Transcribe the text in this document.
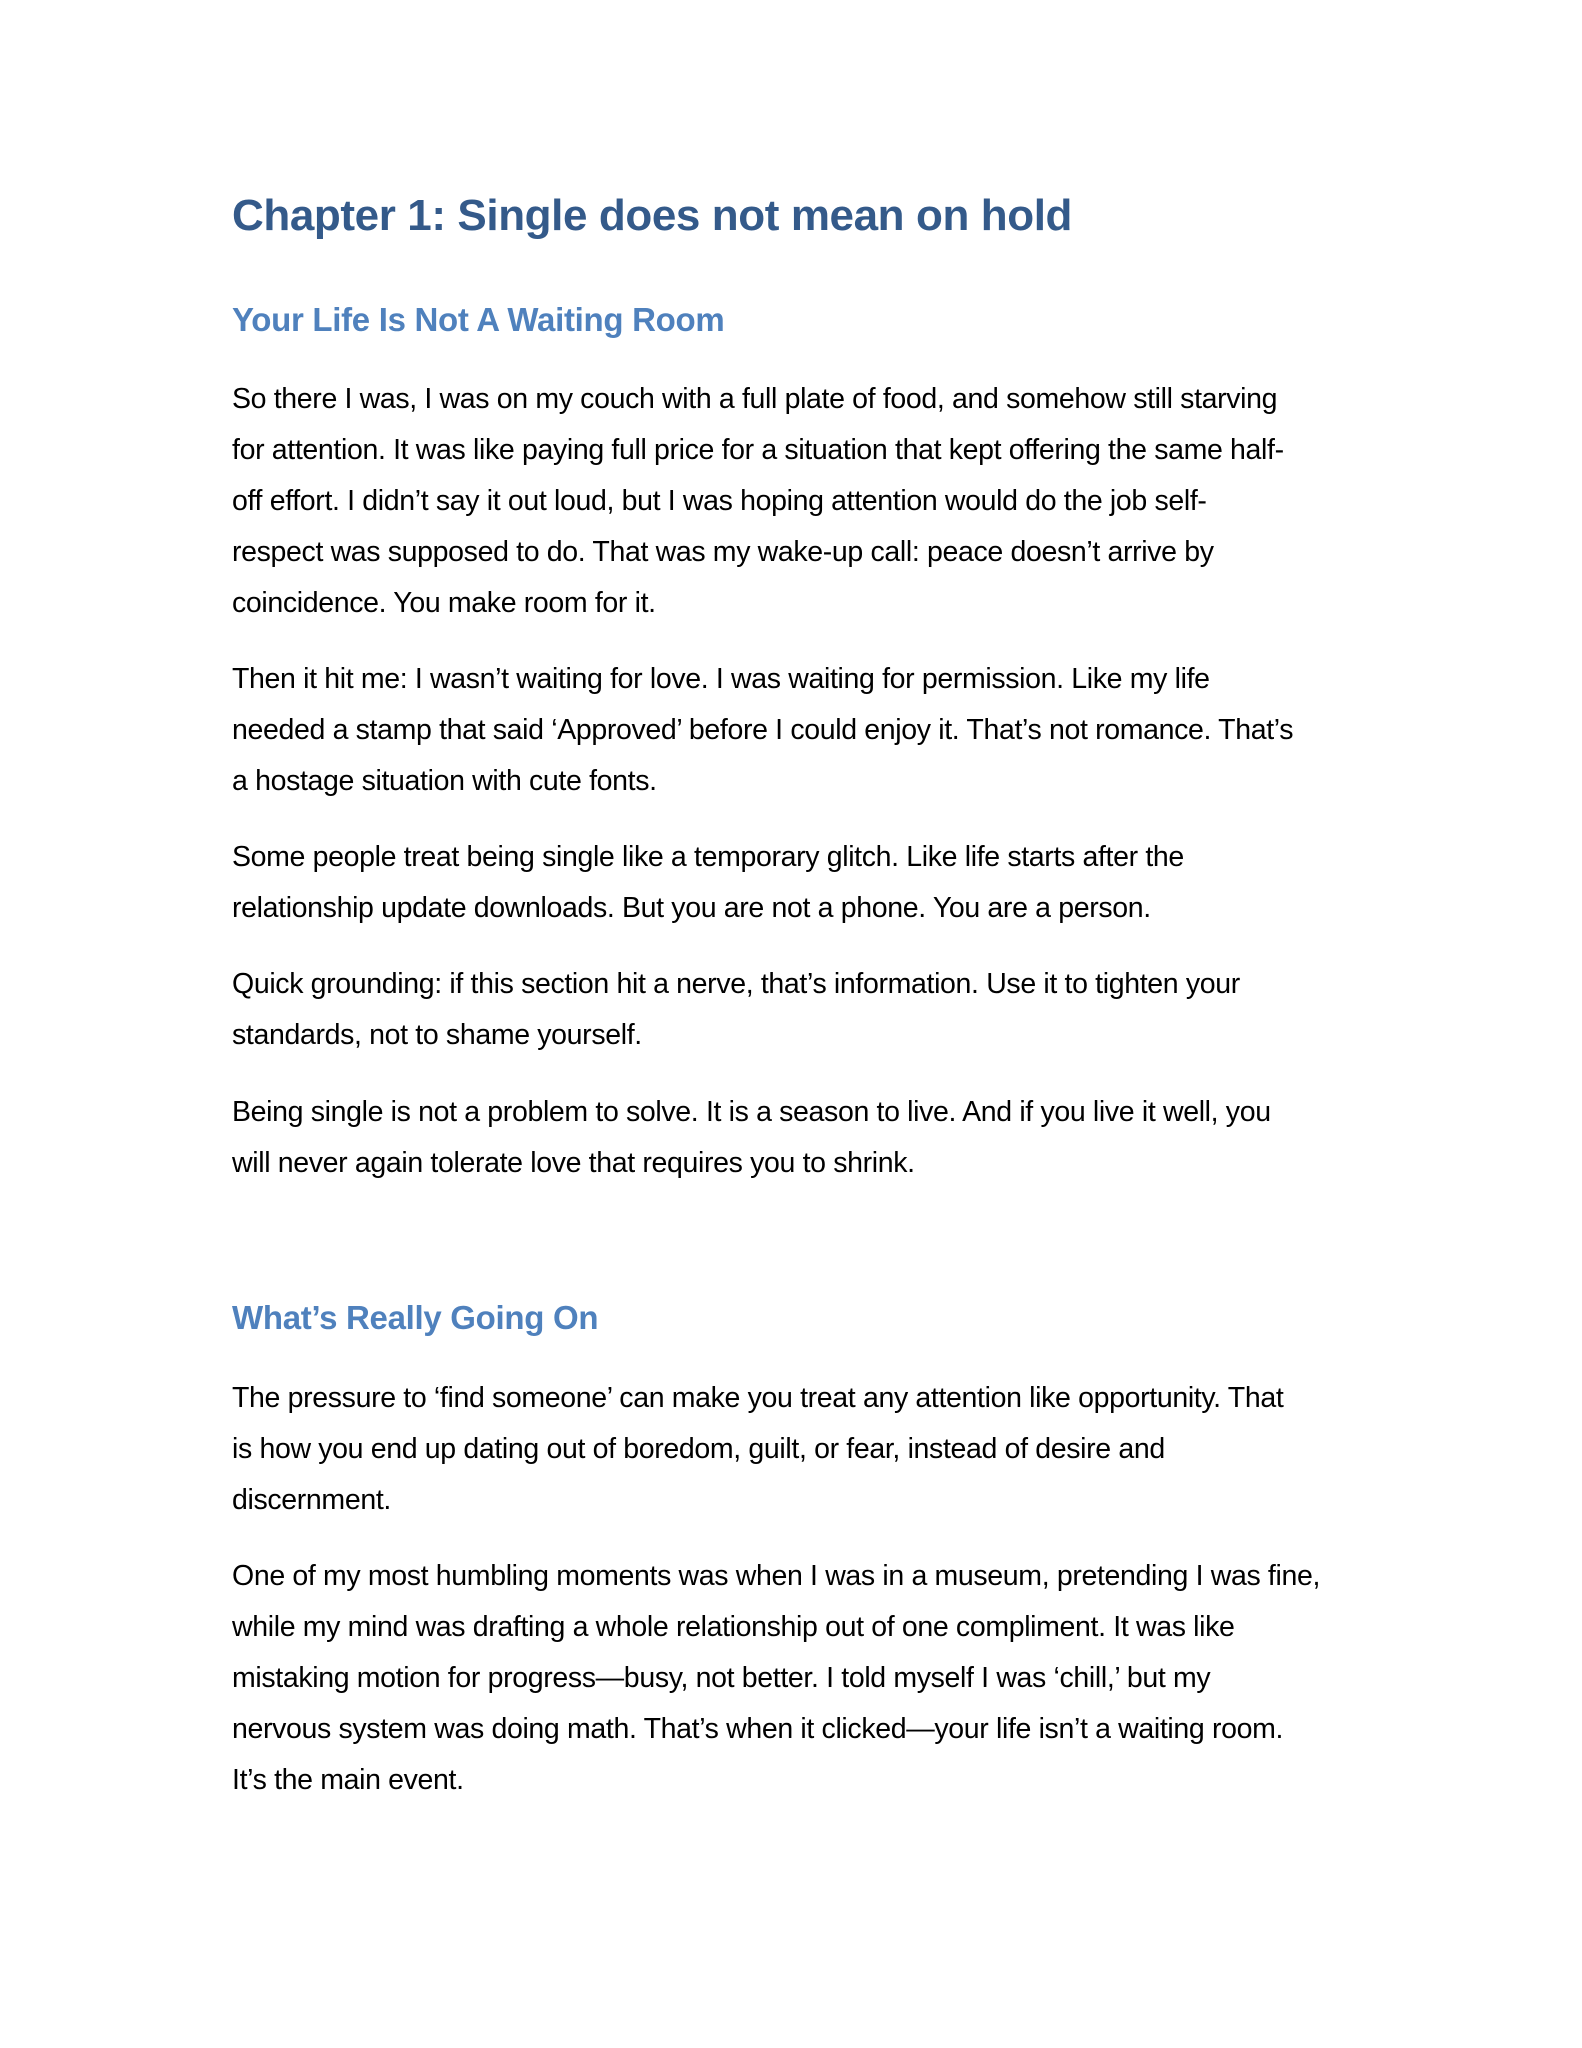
Chapter 1: Single does not mean on hold
Your Life Is Not A Waiting Room

So there I was, I was on my couch with a full plate of food, and somehow still starving
for attention. It was like paying full price for a situation that kept offering the same half-
off effort. I didn’t say it out loud, but I was hoping attention would do the job self-
respect was supposed to do. That was my wake-up call: peace doesn’t arrive by
coincidence. You make room for it.

Then it hit me: I wasn’t waiting for love. I was waiting for permission. Like my life
needed a stamp that said ‘Approved’ before I could enjoy it. That’s not romance. That’s
a hostage situation with cute fonts.

Some people treat being single like a temporary glitch. Like life starts after the
relationship update downloads. But you are not a phone. You are a person.

Quick grounding: if this section hit a nerve, that’s information. Use it to tighten your
standards, not to shame yourself.

Being single is not a problem to solve. It is a season to live. And if you live it well, you
will never again tolerate love that requires you to shrink.

What’s Really Going On

The pressure to ‘find someone’ can make you treat any attention like opportunity. That
is how you end up dating out of boredom, guilt, or fear, instead of desire and
discernment.

One of my most humbling moments was when I was in a museum, pretending I was fine,
while my mind was drafting a whole relationship out of one compliment. It was like
mistaking motion for progress—busy, not better. I told myself I was ‘chill,’ but my
nervous system was doing math. That’s when it clicked—your life isn’t a waiting room.
It’s the main event.
